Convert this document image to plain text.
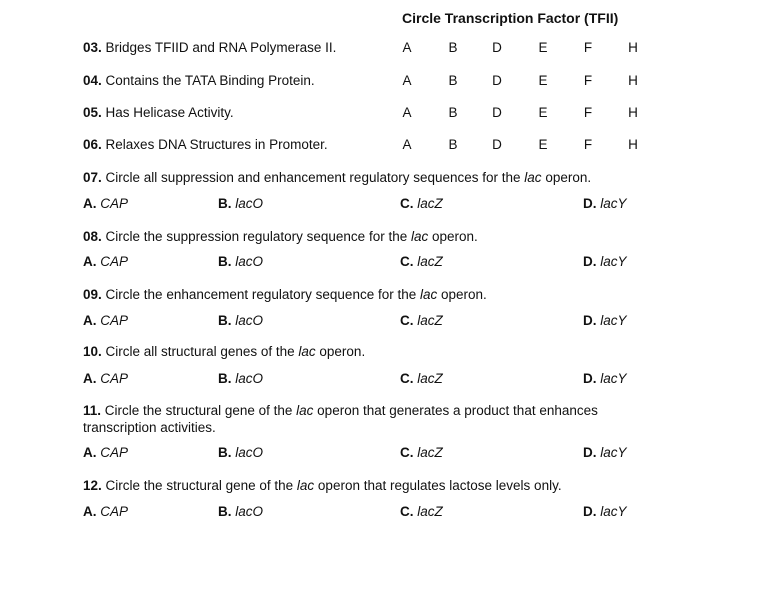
Circle Transcription Factor (TFII)
03. Bridges TFIID and RNA Polymerase II.	A	B	D	E	F	H
04. Contains the TATA Binding Protein.	A	B	D	E	F	H
05. Has Helicase Activity.	A	B	D	E	F	H
06. Relaxes DNA Structures in Promoter.	A	B	D	E	F	H
07. Circle all suppression and enhancement regulatory sequences for the lac operon.
A. CAP	B. lacO	C. lacZ	D. lacY
08. Circle the suppression regulatory sequence for the lac operon.
A. CAP	B. lacO	C. lacZ	D. lacY
09. Circle the enhancement regulatory sequence for the lac operon.
A. CAP	B. lacO	C. lacZ	D. lacY
10. Circle all structural genes of the lac operon.
A. CAP	B. lacO	C. lacZ	D. lacY
11. Circle the structural gene of the lac operon that generates a product that enhances
transcription activities.
A. CAP	B. lacO	C. lacZ	D. lacY
12. Circle the structural gene of the lac operon that regulates lactose levels only.
A. CAP	B. lacO	C. lacZ	D. lacY
